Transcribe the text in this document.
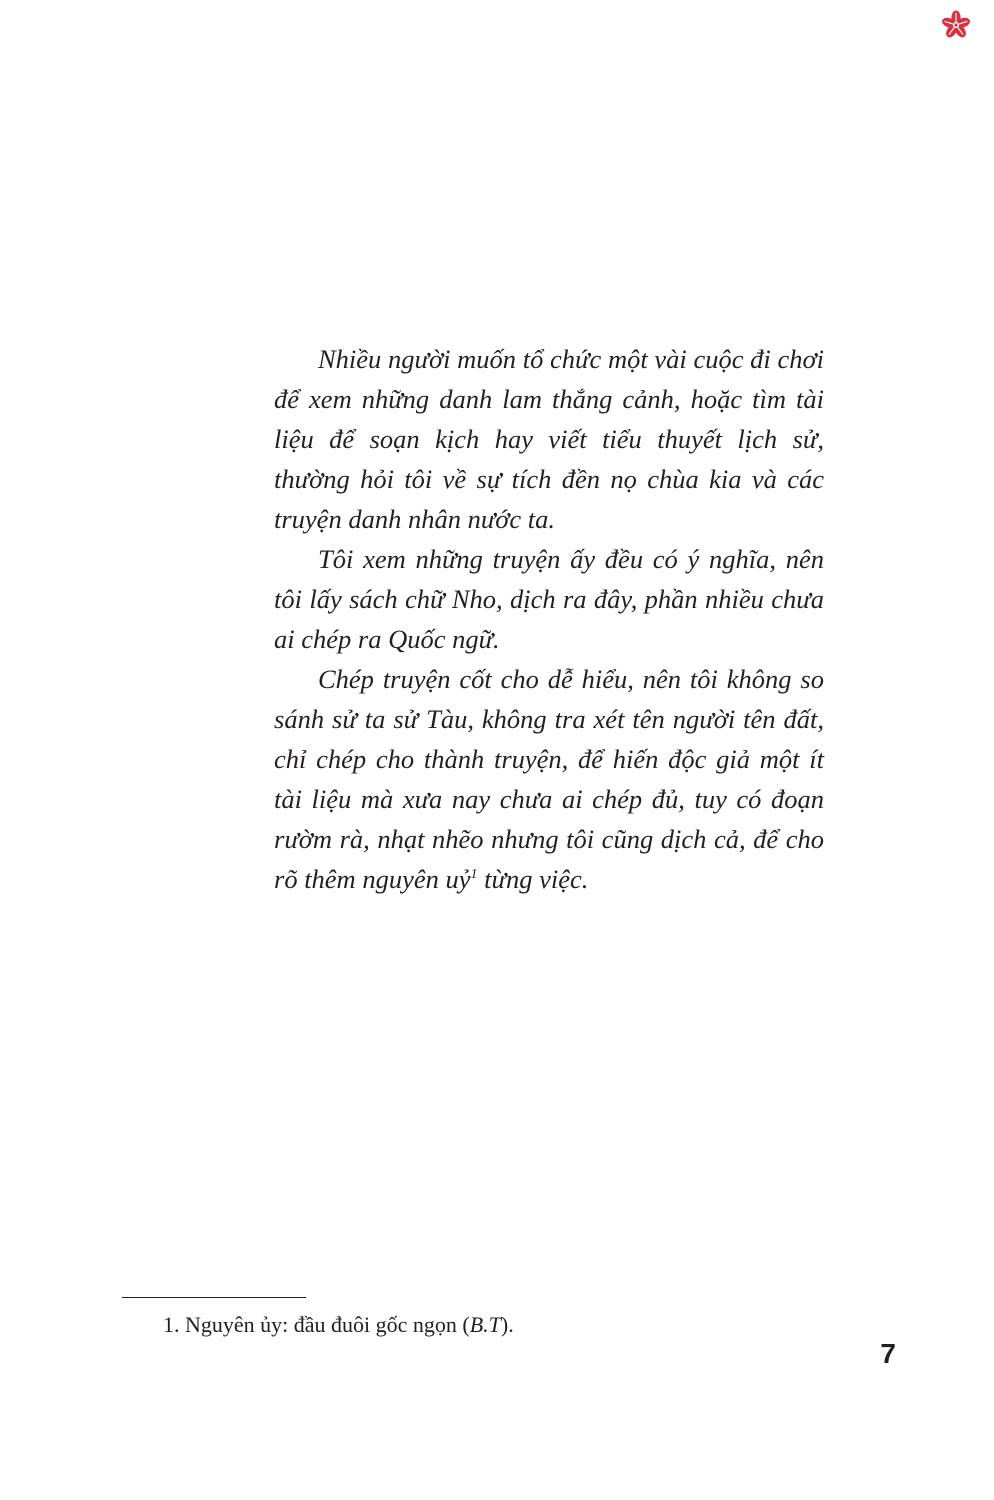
Nhiều người muốn tổ chức một vài cuộc đi chơi để xem những danh lam thắng cảnh, hoặc tìm tài liệu để soạn kịch hay viết tiểu thuyết lịch sử, thường hỏi tôi về sự tích đền nọ chùa kia và các truyện danh nhân nước ta.

Tôi xem những truyện ấy đều có ý nghĩa, nên tôi lấy sách chữ Nho, dịch ra đây, phần nhiều chưa ai chép ra Quốc ngữ.

Chép truyện cốt cho dễ hiểu, nên tôi không so sánh sử ta sử Tàu, không tra xét tên người tên đất, chỉ chép cho thành truyện, để hiến độc giả một ít tài liệu mà xưa nay chưa ai chép đủ, tuy có đoạn rườm rà, nhạt nhẽo nhưng tôi cũng dịch cả, để cho rõ thêm nguyên uỷ$^1$ từng việc.

1. Nguyên ủy: đầu đuôi gốc ngọn (B.T).
7
